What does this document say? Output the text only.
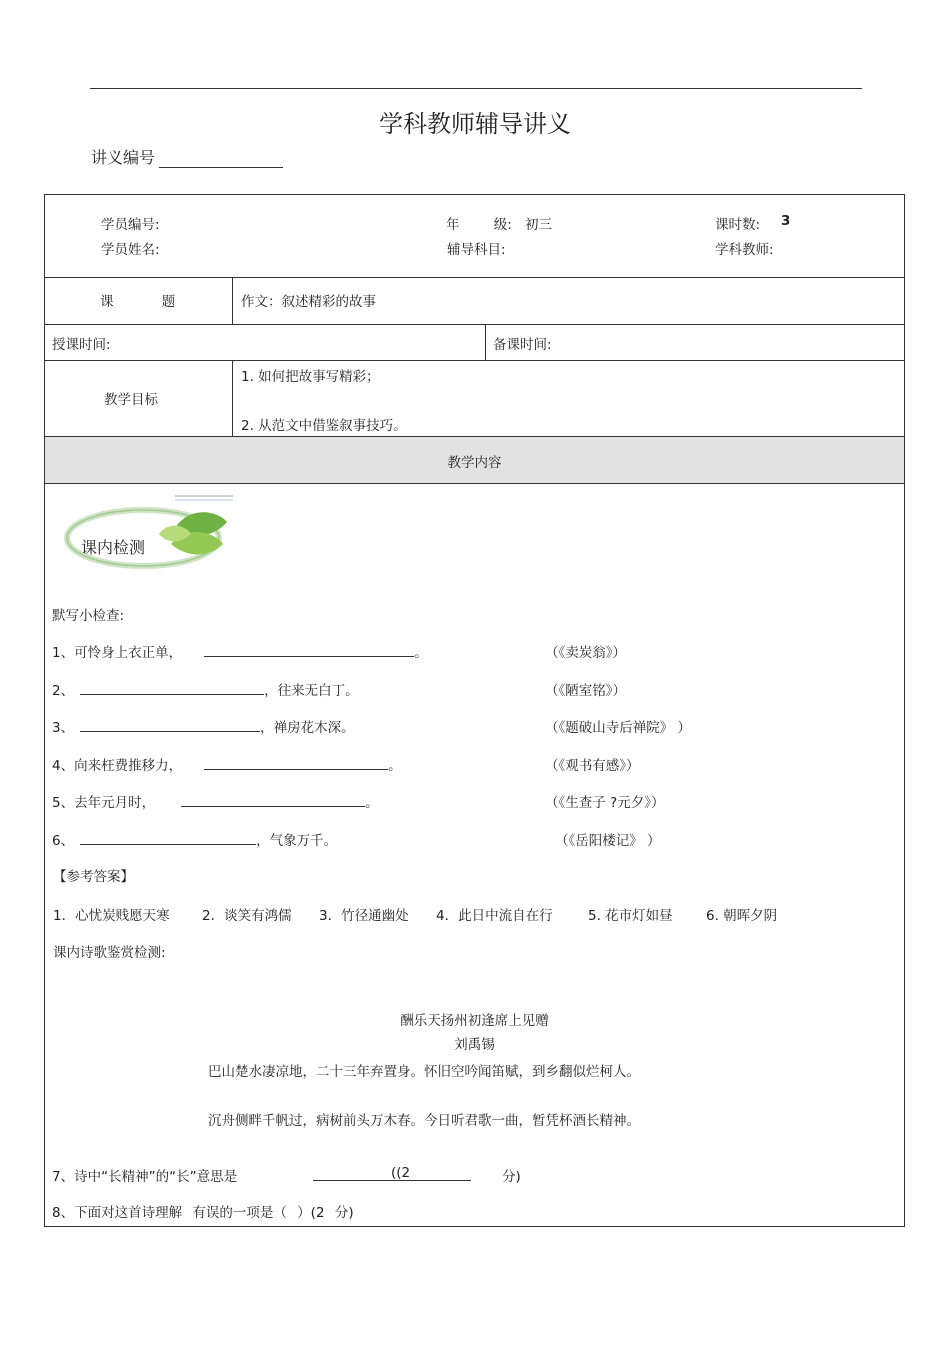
学科教师辅导讲义
讲义编号
学员编号:	年 级: 初三	课时数: 3
学员姓名:	辅导科目:	学科教师:
课 题	作文：叙述精彩的故事
授课时间:	备课时间:
教学目标
1. 如何把故事写精彩；
2. 从范文中借鉴叙事技巧。
教学内容
课内检测
默写小检查:
1、可怜身上衣正单，	。	（《卖炭翁》）
2、	，往来无白丁。	（《陋室铭》）
3、	，禅房花木深。	（《题破山寺后禅院》 ）
4、向来枉费推移力，	。	（《观书有感》）
5、去年元月时，	。	（《生查子 ?元夕》）
6、	，气象万千。	（《岳阳楼记》 ）
【参考答案】
1．心忧炭贱愿天寒 2．谈笑有鸿儒 3．竹径通幽处 4．此日中流自在行	5. 花市灯如昼 6. 朝晖夕阴
课内诗歌鉴赏检测:
酬乐天扬州初逢席上见赠
刘禹锡
巴山楚水凄凉地，二十三年弃置身。怀旧空吟闻笛赋，到乡翻似烂柯人。
沉舟侧畔千帆过，病树前头万木春。今日听君歌一曲，暂凭杯酒长精神。
7、诗中“长精神”的“长”意思是	((2	分)
8、下面对这首诗理解 有误的一项是（ ）(2 分)
